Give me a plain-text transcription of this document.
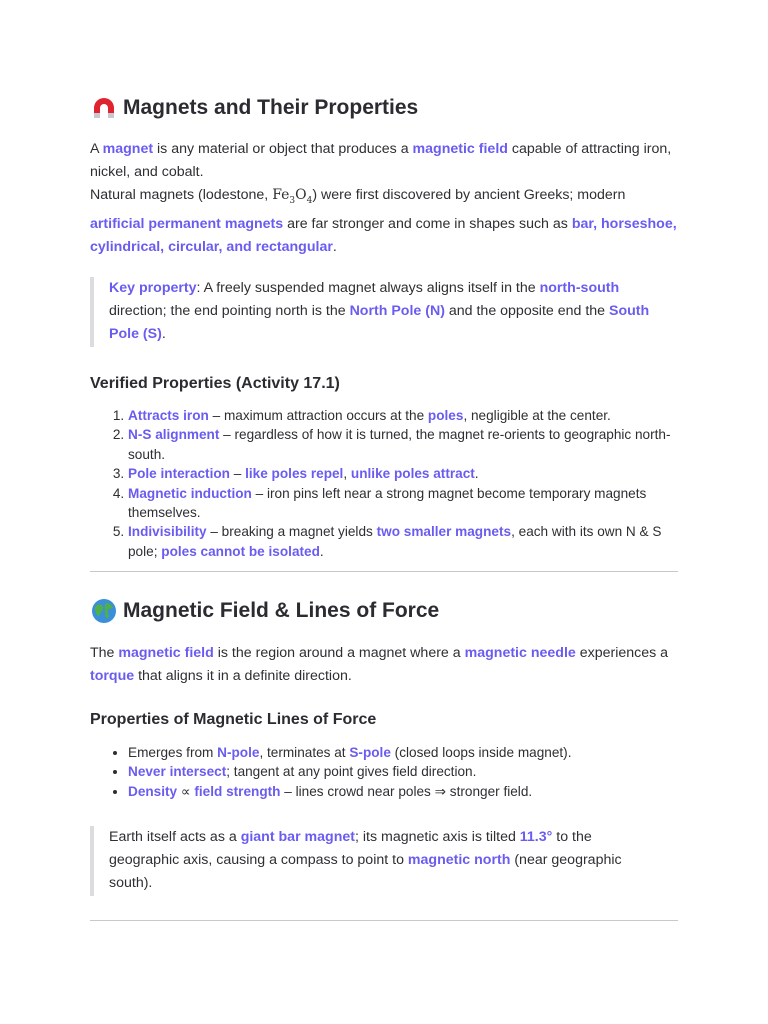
Magnets and Their Properties

A magnet is any material or object that produces a magnetic field capable of attracting iron, nickel, and cobalt.

Natural magnets (lodestone, $Fe_3O_4$) were first discovered by ancient Greeks; modern artificial permanent magnets are far stronger and come in shapes such as bar, horseshoe, cylindrical, circular, and rectangular.

Key property: A freely suspended magnet always aligns itself in the north-south direction; the end pointing north is the North Pole (N) and the opposite end the South Pole (S).
Verified Properties (Activity 17.1)
1. Attracts iron – maximum attraction occurs at the poles, negligible at the center.
2. N-S alignment – regardless of how it is turned, the magnet re-orients to geographic north-south.
3. Pole interaction – like poles repel, unlike poles attract.
4. Magnetic induction – iron pins left near a strong magnet become temporary magnets themselves.
5. Indivisibility – breaking a magnet yields two smaller magnets, each with its own N & S pole; poles cannot be isolated.
Magnetic Field & Lines of Force

The magnetic field is the region around a magnet where a magnetic needle experiences a torque that aligns it in a definite direction.

Properties of Magnetic Lines of Force
• Emerges from N-pole, terminates at S-pole (closed loops inside magnet).
• Never intersect; tangent at any point gives field direction.
• Density ∝ field strength – lines crowd near poles ⇒ stronger field.
Earth itself acts as a giant bar magnet; its magnetic axis is tilted 11.3° to the geographic axis, causing a compass to point to magnetic north (near geographic south).
